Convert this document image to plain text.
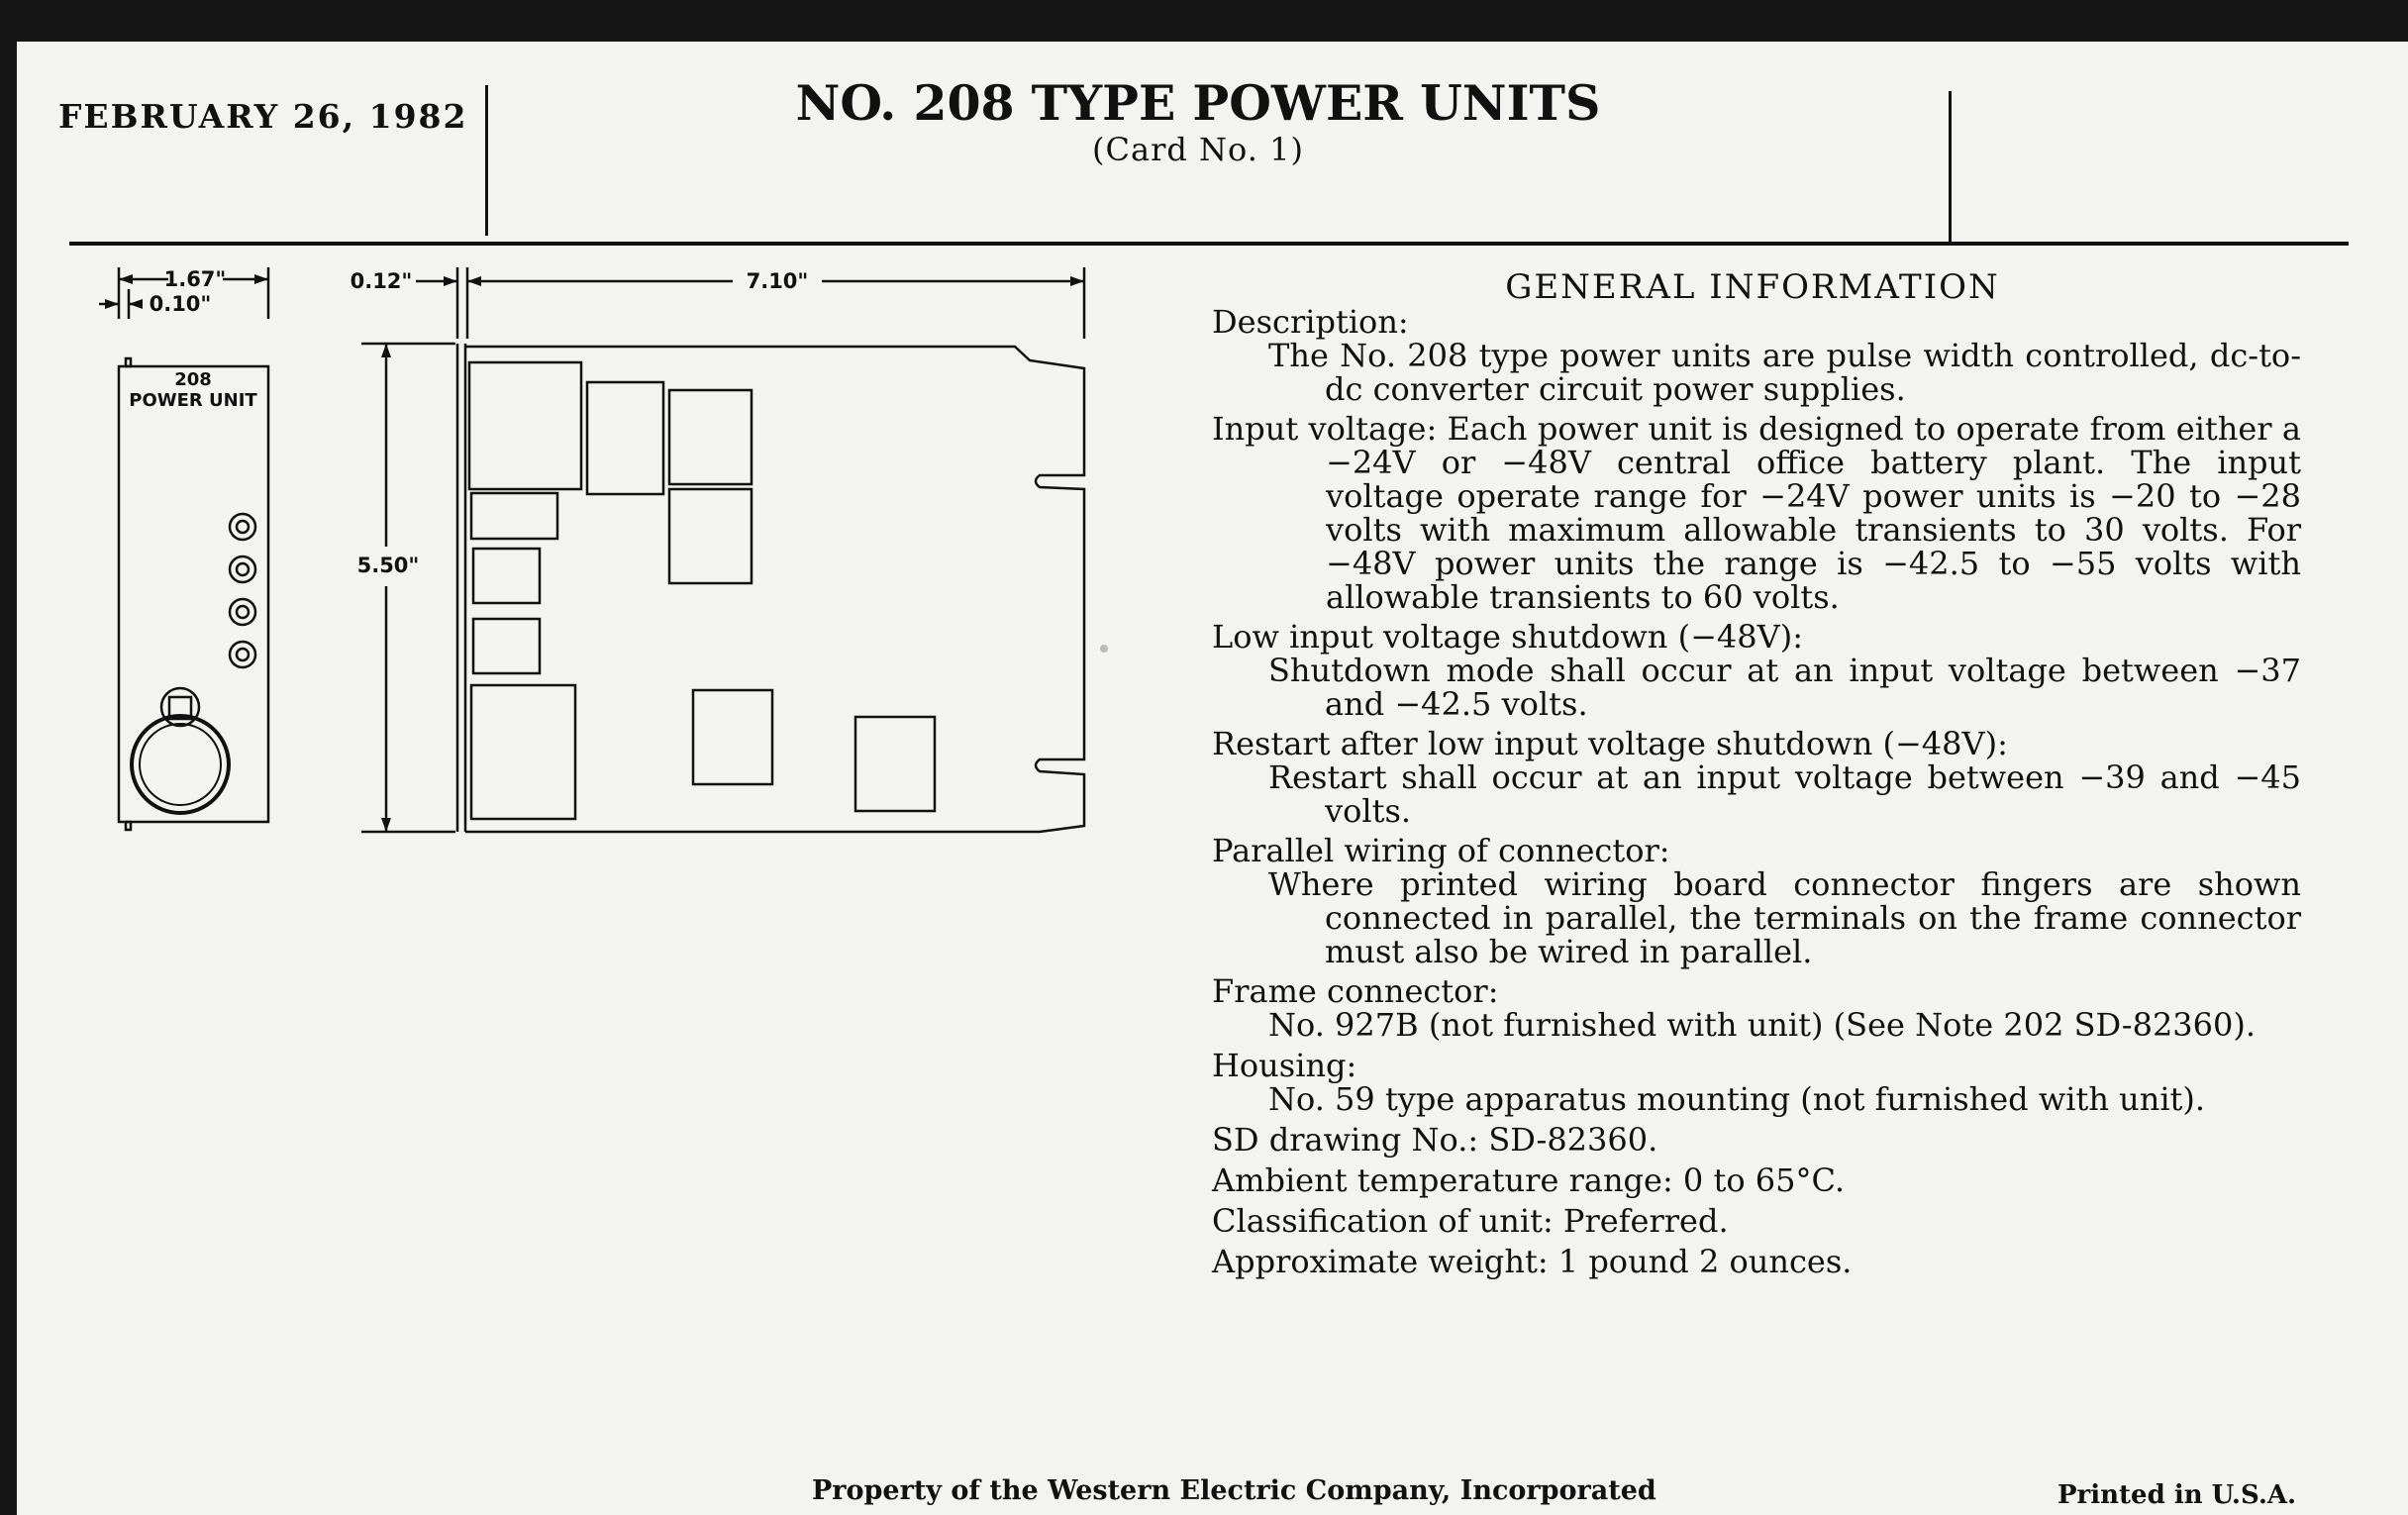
FEBRUARY 26, 1982	NO. 208 TYPE POWER UNITS
(Card No. 1)
1.67"
0.10"
0.12"	7.10"
5.50"
208
POWER UNIT
GENERAL INFORMATION

Description:

The No. 208 type power units are pulse width controlled, dc-to-dc converter circuit power supplies.

Input voltage: Each power unit is designed to operate from either a −24V or −48V central office battery plant. The input voltage operate range for −24V power units is −20 to −28 volts with maximum allowable transients to 30 volts. For −48V power units the range is −42.5 to −55 volts with allowable transients to 60 volts.

Low input voltage shutdown (−48V):

Shutdown mode shall occur at an input voltage between −37 and −42.5 volts.

Restart after low input voltage shutdown (−48V):

Restart shall occur at an input voltage between −39 and −45 volts.

Parallel wiring of connector:

Where printed wiring board connector fingers are shown connected in parallel, the terminals on the frame connector must also be wired in parallel.

Frame connector:

No. 927B (not furnished with unit) (See Note 202 SD-82360).

Housing:

No. 59 type apparatus mounting (not furnished with unit).

SD drawing No.: SD-82360.

Ambient temperature range: 0 to 65°C.

Classification of unit: Preferred.

Approximate weight: 1 pound 2 ounces.

Property of the Western Electric Company, Incorporated	Printed in U.S.A.
